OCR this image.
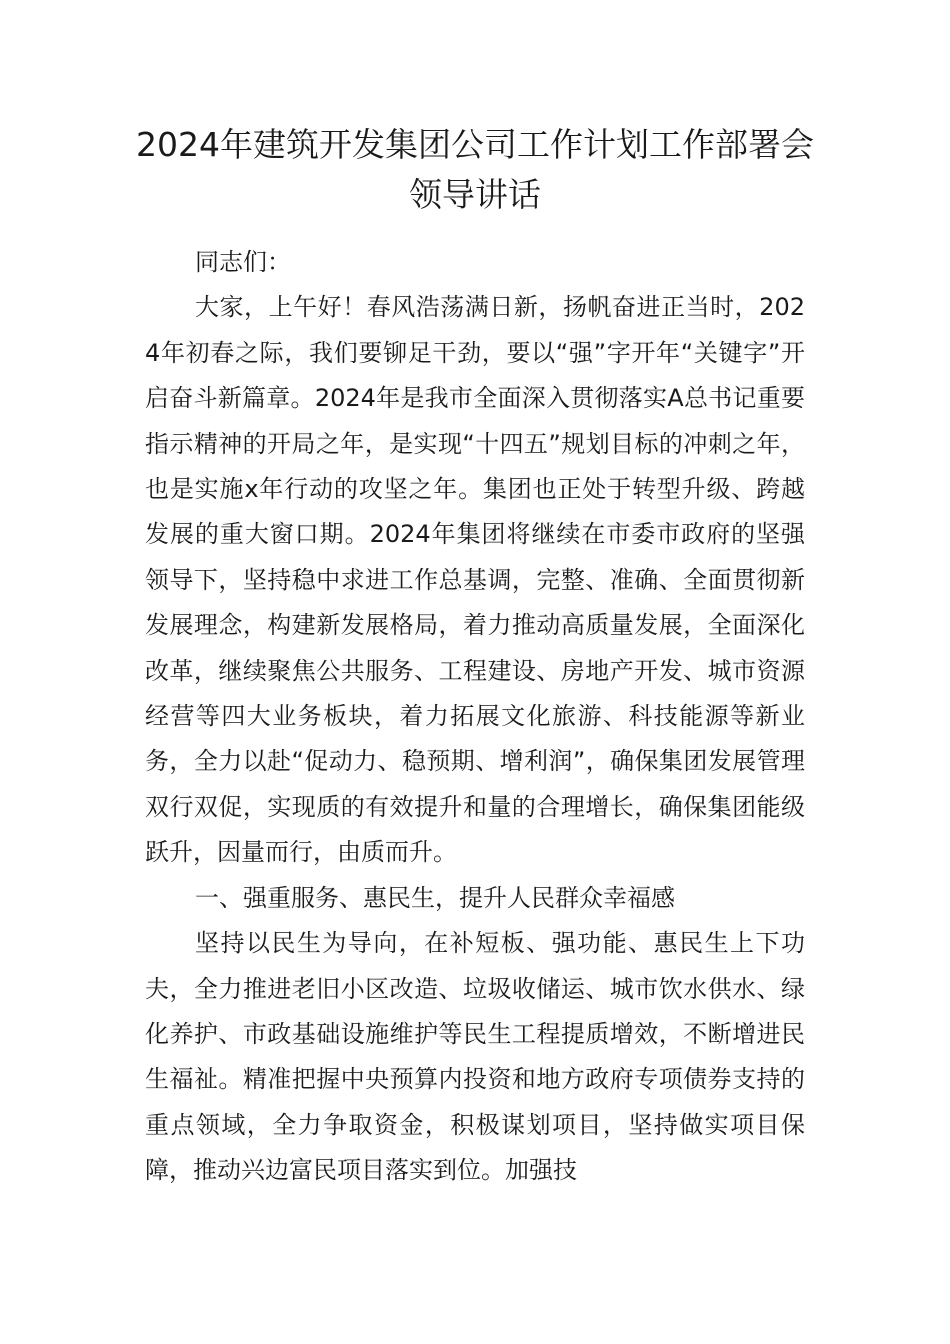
2024年建筑开发集团公司工作计划工作部署会领导讲话

同志们：

大家，上午好！春风浩荡满日新，扬帆奋进正当时，2024年初春之际，我们要铆足干劲，要以“强”字开年“关键字”开启奋斗新篇章。2024年是我市全面深入贯彻落实A总书记重要指示精神的开局之年，是实现“十四五”规划目标的冲刺之年，也是实施x年行动的攻坚之年。集团也正处于转型升级、跨越发展的重大窗口期。2024年集团将继续在市委市政府的坚强领导下，坚持稳中求进工作总基调，完整、准确、全面贯彻新发展理念，构建新发展格局，着力推动高质量发展，全面深化改革，继续聚焦公共服务、工程建设、房地产开发、城市资源经营等四大业务板块，着力拓展文化旅游、科技能源等新业务，全力以赴“促动力、稳预期、增利润”，确保集团发展管理双行双促，实现质的有效提升和量的合理增长，确保集团能级跃升，因量而行，由质而升。

一、强重服务、惠民生，提升人民群众幸福感

坚持以民生为导向，在补短板、强功能、惠民生上下功夫，全力推进老旧小区改造、垃圾收储运、城市饮水供水、绿化养护、市政基础设施维护等民生工程提质增效，不断增进民生福祉。精准把握中央预算内投资和地方政府专项债券支持的重点领域，全力争取资金，积极谋划项目，坚持做实项目保障，推动兴边富民项目落实到位。加强技
